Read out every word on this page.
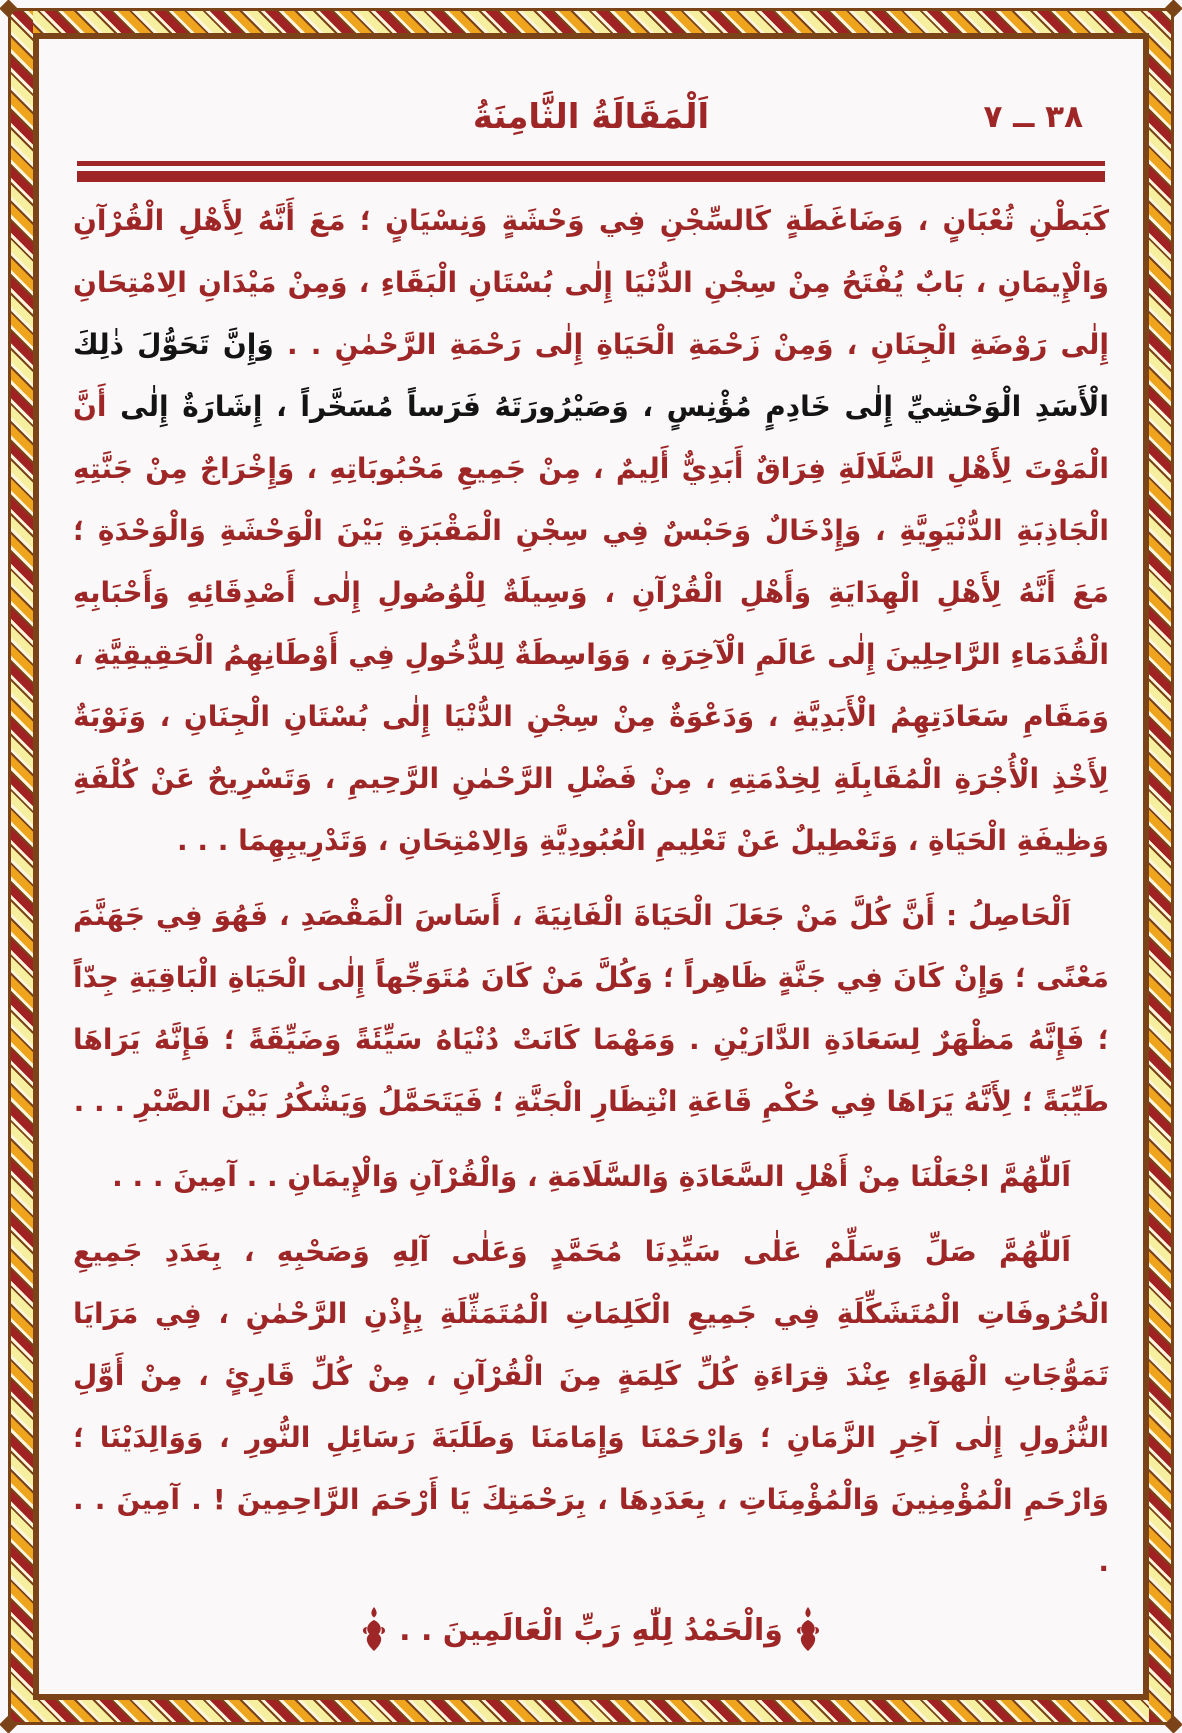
اَلْمَقَالَةُ الثَّامِنَةُ	٣٨ ــ ٧

كَبَطْنِ ثُعْبَانٍ ، وَضَاغَطَةٍ كَالسِّجْنِ فِي وَحْشَةٍ وَنِسْيَانٍ ؛ مَعَ أَنَّهُ لِأَهْلِ الْقُرْآنِ وَالْإِيمَانِ ، بَابٌ يُفْتَحُ مِنْ سِجْنِ الدُّنْيَا إِلٰى بُسْتَانِ الْبَقَاءِ ، وَمِنْ مَيْدَانِ الِامْتِحَانِ إِلٰى رَوْضَةِ الْجِنَانِ ، وَمِنْ زَحْمَةِ الْحَيَاةِ إِلٰى رَحْمَةِ الرَّحْمٰنِ . . وَإِنَّ تَحَوُّلَ ذٰلِكَ الْأَسَدِ الْوَحْشِيِّ إِلٰى خَادِمٍ مُؤْنِسٍ ، وَصَيْرُورَتَهُ فَرَساً مُسَخَّراً ، إِشَارَةٌ إِلٰى أَنَّ الْمَوْتَ لِأَهْلِ الضَّلَالَةِ فِرَاقٌ أَبَدِيٌّ أَلِيمٌ ، مِنْ جَمِيعِ مَحْبُوبَاتِهِ ، وَإِخْرَاجٌ مِنْ جَنَّتِهِ الْجَاذِبَةِ الدُّنْيَوِيَّةِ ، وَإِدْخَالٌ وَحَبْسٌ فِي سِجْنِ الْمَقْبَرَةِ بَيْنَ الْوَحْشَةِ وَالْوَحْدَةِ ؛ مَعَ أَنَّهُ لِأَهْلِ الْهِدَايَةِ وَأَهْلِ الْقُرْآنِ ، وَسِيلَةٌ لِلْوُصُولِ إِلٰى أَصْدِقَائِهِ وَأَحْبَابِهِ الْقُدَمَاءِ الرَّاحِلِينَ إِلٰى عَالَمِ الْآخِرَةِ ، وَوَاسِطَةٌ لِلدُّخُولِ فِي أَوْطَانِهِمُ الْحَقِيقِيَّةِ ، وَمَقَامِ سَعَادَتِهِمُ الْأَبَدِيَّةِ ، وَدَعْوَةٌ مِنْ سِجْنِ الدُّنْيَا إِلٰى بُسْتَانِ الْجِنَانِ ، وَنَوْبَةٌ لِأَخْذِ الْأُجْرَةِ الْمُقَابِلَةِ لِخِدْمَتِهِ ، مِنْ فَضْلِ الرَّحْمٰنِ الرَّحِيمِ ، وَتَسْرِيحٌ عَنْ كُلْفَةِ وَظِيفَةِ الْحَيَاةِ ، وَتَعْطِيلٌ عَنْ تَعْلِيمِ الْعُبُودِيَّةِ وَالِامْتِحَانِ ، وَتَدْرِيبِهِمَا . . .

اَلْحَاصِلُ : أَنَّ كُلَّ مَنْ جَعَلَ الْحَيَاةَ الْفَانِيَةَ ، أَسَاسَ الْمَقْصَدِ ، فَهُوَ فِي جَهَنَّمَ مَعْنًى ؛ وَإِنْ كَانَ فِي جَنَّةٍ ظَاهِراً ؛ وَكُلَّ مَنْ كَانَ مُتَوَجِّهاً إِلٰى الْحَيَاةِ الْبَاقِيَةِ جِدّاً ؛ فَإِنَّهُ مَظْهَرٌ لِسَعَادَةِ الدَّارَيْنِ . وَمَهْمَا كَانَتْ دُنْيَاهُ سَيِّئَةً وَضَيِّقَةً ؛ فَإِنَّهُ يَرَاهَا طَيِّبَةً ؛ لِأَنَّهُ يَرَاهَا فِي حُكْمِ قَاعَةِ انْتِظَارِ الْجَنَّةِ ؛ فَيَتَحَمَّلُ وَيَشْكُرُ بَيْنَ الصَّبْرِ . . .

اَللّٰهُمَّ اجْعَلْنَا مِنْ أَهْلِ السَّعَادَةِ وَالسَّلَامَةِ ، وَالْقُرْآنِ وَالْإِيمَانِ . . آمِينَ . . .

اَللّٰهُمَّ صَلِّ وَسَلِّمْ عَلٰى سَيِّدِنَا مُحَمَّدٍ وَعَلٰى آلِهِ وَصَحْبِهِ ، بِعَدَدِ جَمِيعِ الْحُرُوفَاتِ الْمُتَشَكِّلَةِ فِي جَمِيعِ الْكَلِمَاتِ الْمُتَمَثِّلَةِ بِإِذْنِ الرَّحْمٰنِ ، فِي مَرَايَا تَمَوُّجَاتِ الْهَوَاءِ عِنْدَ قِرَاءَةِ كُلِّ كَلِمَةٍ مِنَ الْقُرْآنِ ، مِنْ كُلِّ قَارِئٍ ، مِنْ أَوَّلِ النُّزُولِ إِلٰى آخِرِ الزَّمَانِ ؛ وَارْحَمْنَا وَإِمَامَنَا وَطَلَبَةَ رَسَائِلِ النُّورِ ، وَوَالِدَيْنَا ؛ وَارْحَمِ الْمُؤْمِنِينَ وَالْمُؤْمِنَاتِ ، بِعَدَدِهَا ، بِرَحْمَتِكَ يَا أَرْحَمَ الرَّاحِمِينَ ! . آمِينَ . . .

وَالْحَمْدُ لِلّٰهِ رَبِّ الْعَالَمِينَ . .
